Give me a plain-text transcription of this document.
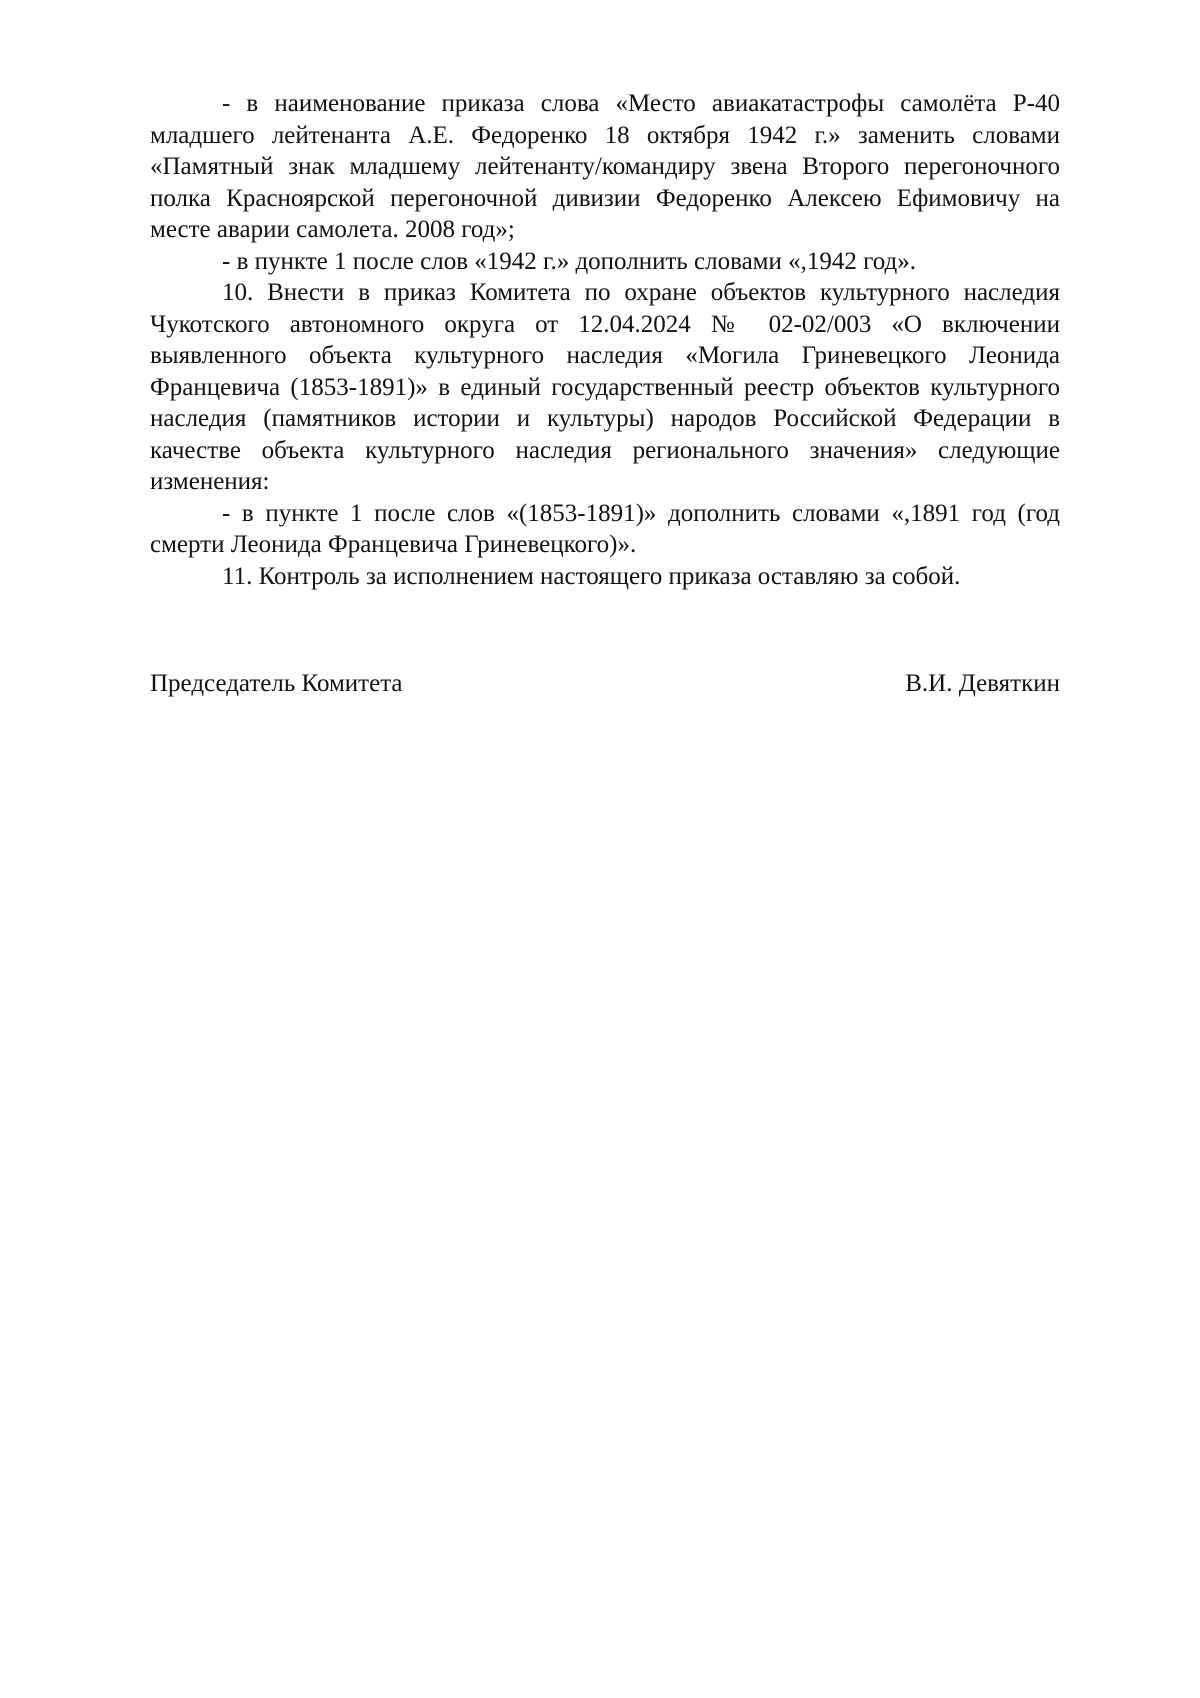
- в наименование приказа слова «Место авиакатастрофы самолёта Р-40 младшего лейтенанта А.Е. Федоренко 18 октября 1942 г.» заменить словами «Памятный знак младшему лейтенанту/командиру звена Второго перегоночного полка Красноярской перегоночной дивизии Федоренко Алексею Ефимовичу на месте аварии самолета. 2008 год»;

- в пункте 1 после слов «1942 г.» дополнить словами «,1942 год».

10. Внести в приказ Комитета по охране объектов культурного наследия Чукотского автономного округа от 12.04.2024 № 02-02/003 «О включении выявленного объекта культурного наследия «Могила Гриневецкого Леонида Францевича (1853-1891)» в единый государственный реестр объектов культурного наследия (памятников истории и культуры) народов Российской Федерации в качестве объекта культурного наследия регионального значения» следующие изменения:

- в пункте 1 после слов «(1853-1891)» дополнить словами «,1891 год (год смерти Леонида Францевича Гриневецкого)».

11. Контроль за исполнением настоящего приказа оставляю за собой.

Председатель Комитета	В.И. Девяткин
